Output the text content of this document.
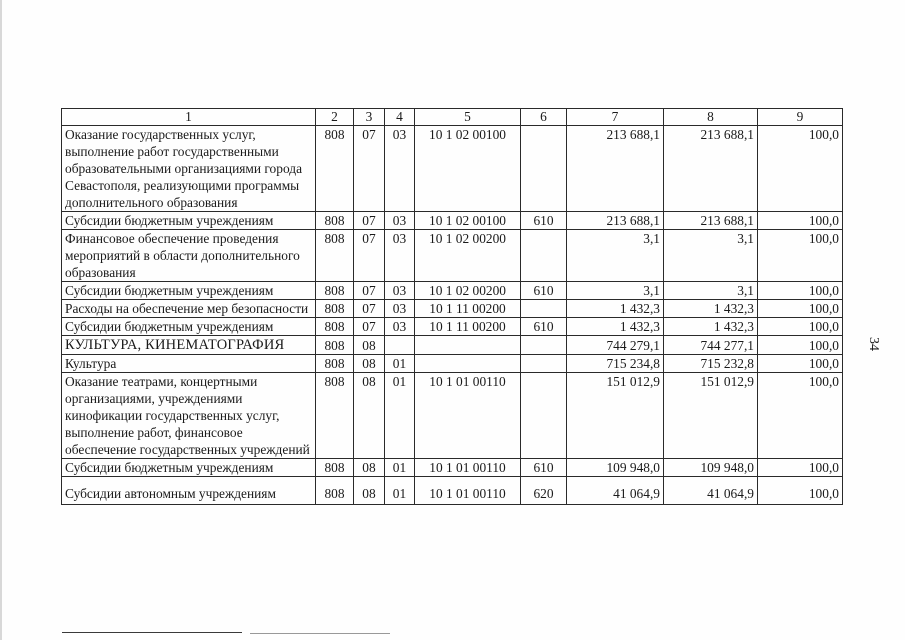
1	2	3	4	5	6	7	8	9
Оказание государственных услуг, выполнение работ государственными образовательными организациями города Севастополя, реализующими программы дополнительного образования	808	07	03	10 1 02 00100		213 688,1	213 688,1	100,0
Субсидии бюджетным учреждениям	808	07	03	10 1 02 00100	610	213 688,1	213 688,1	100,0
Финансовое обеспечение проведения мероприятий в области дополнительного образования	808	07	03	10 1 02 00200		3,1	3,1	100,0
Субсидии бюджетным учреждениям	808	07	03	10 1 02 00200	610	3,1	3,1	100,0
Расходы на обеспечение мер безопасности	808	07	03	10 1 11 00200		1 432,3	1 432,3	100,0
Субсидии бюджетным учреждениям	808	07	03	10 1 11 00200	610	1 432,3	1 432,3	100,0
КУЛЬТУРА, КИНЕМАТОГРАФИЯ	808	08				744 279,1	744 277,1	100,0
Культура	808	08	01			715 234,8	715 232,8	100,0
Оказание театрами, концертными организациями, учреждениями кинофикации государственных услуг, выполнение работ, финансовое обеспечение государственных учреждений	808	08	01	10 1 01 00110		151 012,9	151 012,9	100,0
Субсидии бюджетным учреждениям	808	08	01	10 1 01 00110	610	109 948,0	109 948,0	100,0
Субсидии автономным учреждениям	808	08	01	10 1 01 00110	620	41 064,9	41 064,9	100,0
34
